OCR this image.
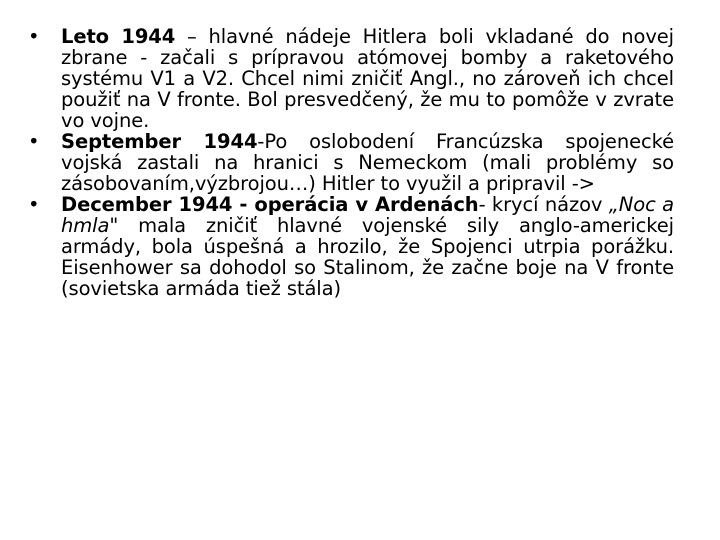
•	Leto 1944 – hlavné nádeje Hitlera boli vkladané do novej zbrane - začali s prípravou atómovej bomby a raketového systému V1 a V2. Chcel nimi zničiť Angl., no zároveň ich chcel použiť na V fronte. Bol presvedčený, že mu to pomôže v zvrate vo vojne.
•	September 1944-Po oslobodení Francúzska spojenecké vojská zastali na hranici s Nemeckom (mali problémy so zásobovaním,výzbrojou…) Hitler to využil a pripravil ->
•	December 1944 - operácia v Ardenách- krycí názov „Noc a hmla" mala zničiť hlavné vojenské sily anglo-americkej armády, bola úspešná a hrozilo, že Spojenci utrpia porážku. Eisenhower sa dohodol so Stalinom, že začne boje na V fronte (sovietska armáda tiež stála)
